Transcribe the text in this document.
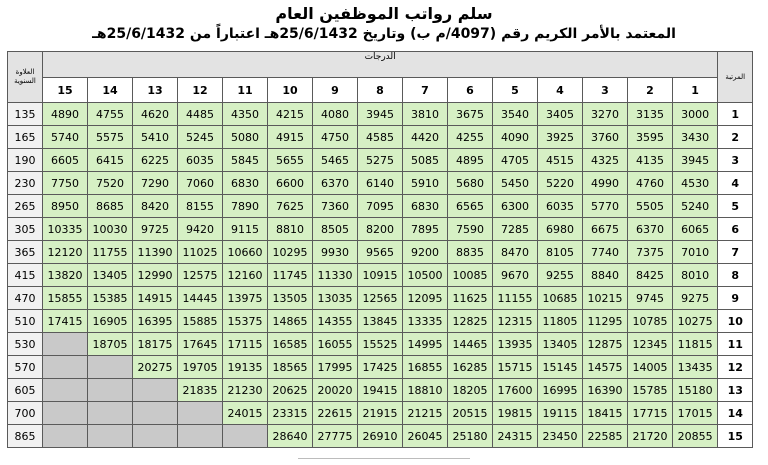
سلم رواتب الموظفين العام
المعتمد بالأمر الكريم رقم (4097/م ب) وتاريخ 25/6/1432هـ اعتباراً من 25/6/1432هـ
العلاوة السنوية	الدرجات															المرتبة
	15	14	13	12	11	10	9	8	7	6	5	4	3	2	1	
135	4890	4755	4620	4485	4350	4215	4080	3945	3810	3675	3540	3405	3270	3135	3000	1
165	5740	5575	5410	5245	5080	4915	4750	4585	4420	4255	4090	3925	3760	3595	3430	2
190	6605	6415	6225	6035	5845	5655	5465	5275	5085	4895	4705	4515	4325	4135	3945	3
230	7750	7520	7290	7060	6830	6600	6370	6140	5910	5680	5450	5220	4990	4760	4530	4
265	8950	8685	8420	8155	7890	7625	7360	7095	6830	6565	6300	6035	5770	5505	5240	5
305	10335	10030	9725	9420	9115	8810	8505	8200	7895	7590	7285	6980	6675	6370	6065	6
365	12120	11755	11390	11025	10660	10295	9930	9565	9200	8835	8470	8105	7740	7375	7010	7
415	13820	13405	12990	12575	12160	11745	11330	10915	10500	10085	9670	9255	8840	8425	8010	8
470	15855	15385	14915	14445	13975	13505	13035	12565	12095	11625	11155	10685	10215	9745	9275	9
510	17415	16905	16395	15885	15375	14865	14355	13845	13335	12825	12315	11805	11295	10785	10275	10
530		18705	18175	17645	17115	16585	16055	15525	14995	14465	13935	13405	12875	12345	11815	11
570			20275	19705	19135	18565	17995	17425	16855	16285	15715	15145	14575	14005	13435	12
605				21835	21230	20625	20020	19415	18810	18205	17600	16995	16390	15785	15180	13
700					24015	23315	22615	21915	21215	20515	19815	19115	18415	17715	17015	14
865						28640	27775	26910	26045	25180	24315	23450	22585	21720	20855	15
